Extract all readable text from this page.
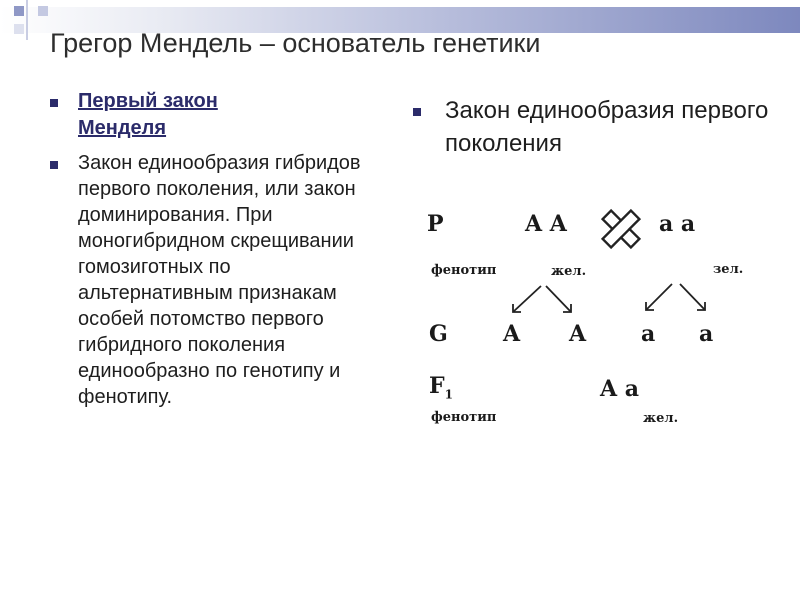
Грегор Мендель – основатель генетики
Первый закон Менделя
Закон единообразия гибридов первого поколения, или закон доминирования. При моногибридном скрещивании гомозиготных по альтернативным признакам особей потомство первого гибридного поколения единообразно по генотипу и фенотипу.
Закон единообразия первого поколения
P	A A	a a
фенотип	жел.	зел.
G	A A a a
$F_1$	A a
фенотип	жел.
